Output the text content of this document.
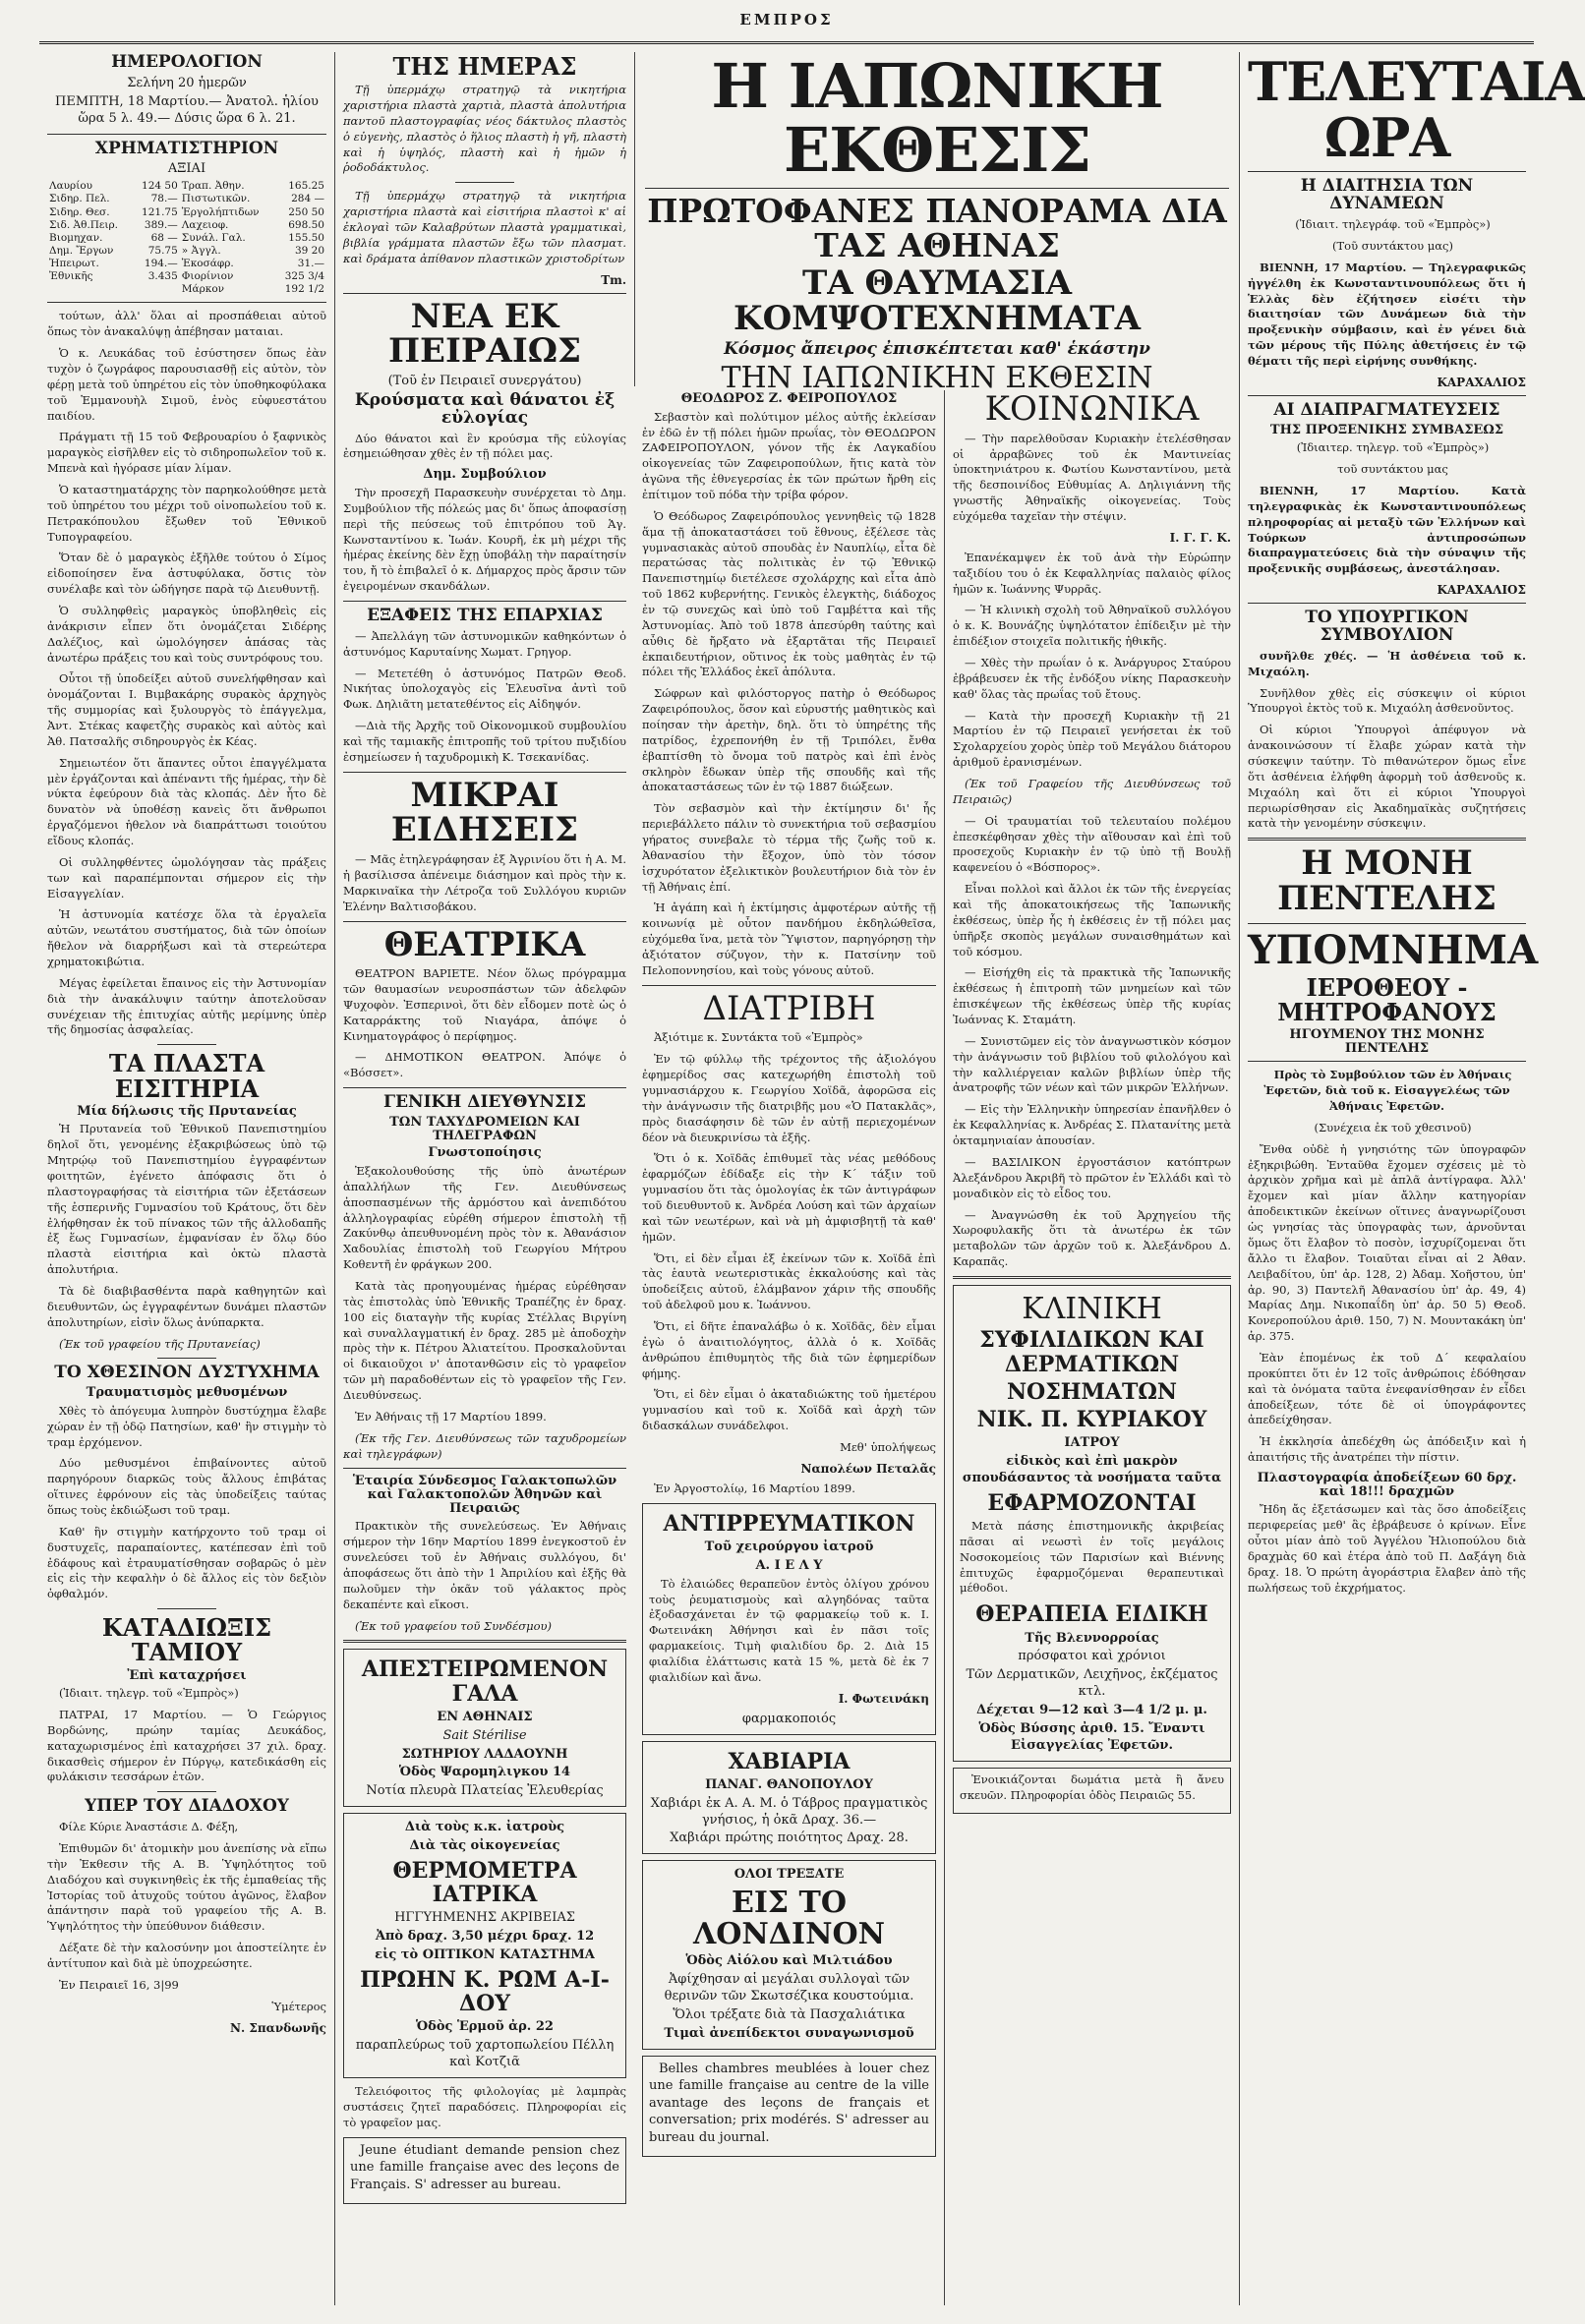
ΕΜΠΡΟΣ
ΗΜΕΡΟΛΟΓΙΟΝ
Σελήνη 20 ἡμερῶν
ΠΕΜΠΤΗ, 18 Μαρτίου.— Ἀνατολ. ἡλίου ὥρα 5 λ. 49.— Δύσις ὥρα 6 λ. 21.
ΧΡΗΜΑΤΙΣΤΗΡΙΟΝ
ΑΞΙΑΙ
Λαυρίου	124 50	Τραπ. Ἀθην.	165.25
Σιδηρ. Πελ.	78.—	Πιστωτικῶν.	284 —
Σιδηρ. Θεσ.	121.75	Ἐργολήπτιδων	250 50
Σιδ. Ἀθ.Πειρ.	389.—	Λαχειοφ.	698.50
Βιομηχαν.	68 —	Συνάλ. Γαλ.	155.50
Δημ. Ἔργων	75.75	» Ἀγγλ.	39 20
Ἠπειρωτ.	194.—	Ἐκοσάφρ.	31.—
Ἐθνικῆς	3.435	Φιορίνιον	325 3/4
		Μάρκον	192 1/2

τούτων, ἀλλ' ὅλαι αἱ προσπάθειαι αὐτοῦ ὅπως τὸν ἀνακαλύψῃ ἀπέβησαν ματαιαι.

Ὁ κ. Λευκάδας τοῦ ἐσύστησεν ὅπως ἐὰν τυχὸν ὁ ζωγράφος παρουσιασθῇ εἰς αὐτὸν, τὸν φέρῃ μετὰ τοῦ ὑπηρέτου εἰς τὸν ὑποθηκοφύλακα τοῦ Ἑμμανουὴλ Σιμοῦ, ἑνὸς εὐφυεστάτου παιδίου.

Πράγματι τῇ 15 τοῦ Φεβρουαρίου ὁ ξαφνικὸς μαραγκὸς εἰσῆλθεν εἰς τὸ σιδηροπωλεῖον τοῦ κ. Μπενὰ καὶ ἠγόρασε μίαν λίμαν.

Ὁ καταστηματάρχης τὸν παρηκολούθησε μετὰ τοῦ ὑπηρέτου του μέχρι τοῦ οἰνοπωλείου τοῦ κ. Πετρακόπουλου ἔξωθεν τοῦ Ἐθνικοῦ Τυπογραφείου.

Ὅταν δὲ ὁ μαραγκὸς ἐξῆλθε τούτου ὁ Σίμος εἰδοποίησεν ἕνα ἀστυφύλακα, ὅστις τὸν συνέλαβε καὶ τὸν ὡδήγησε παρὰ τῷ Διευθυντῇ.

Ὁ συλληφθεὶς μαραγκὸς ὑποβληθεὶς εἰς ἀνάκρισιν εἶπεν ὅτι ὀνομάζεται Σιδέρης Δαλέζιος, καὶ ὡμολόγησεν ἁπάσας τὰς ἀνωτέρω πράξεις του καὶ τοὺς συντρόφους του.

Οὗτοι τῇ ὑποδείξει αὐτοῦ συνελήφθησαν καὶ ὀνομάζονται Ι. Βιμβακάρης συρακὸς ἀρχηγὸς τῆς συμμορίας καὶ ξυλουργὸς τὸ ἐπάγγελμα, Ἀντ. Στέκας καφετζὴς συρακὸς καὶ αὐτὸς καὶ Ἀθ. Πατσαλῆς σιδηρουργὸς ἐκ Κέας.

Σημειωτέον ὅτι ἅπαντες οὗτοι ἐπαγγέλματα μὲν ἐργάζονται καὶ ἀπέναντι τῆς ἡμέρας, τὴν δὲ νύκτα ἐφεύρουν διὰ τὰς κλοπάς. Δὲν ἦτο δὲ δυνατὸν νὰ ὑποθέσῃ κανεὶς ὅτι ἄνθρωποι ἐργαζόμενοι ἡθελον νὰ διαπράττωσι τοιούτου εἴδους κλοπάς.

Οἱ συλληφθέντες ὡμολόγησαν τὰς πράξεις των καὶ παραπέμπονται σήμερον εἰς τὴν Εἰσαγγελίαν.

Ἡ ἀστυνομία κατέσχε ὅλα τὰ ἐργαλεῖα αὐτῶν, νεωτάτου συστήματος, διὰ τῶν ὁποίων ἤθελον νὰ διαρρήξωσι καὶ τὰ στερεώτερα χρηματοκιβώτια.

Μέγας ἐφείλεται ἔπαινος εἰς τὴν Ἀστυνομίαν διὰ τὴν ἀνακάλυψιν ταύτην ἀποτελοῦσαν συνέχειαν τῆς ἐπιτυχίας αὐτῆς μερίμνης ὑπὲρ τῆς δημοσίας ἀσφαλείας.

ΤΑ ΠΛΑΣΤΑ ΕΙΣΙΤΗΡΙΑ
Μία δήλωσις τῆς Πρυτανείας

Ἡ Πρυτανεία τοῦ Ἐθνικοῦ Πανεπιστημίου δηλοῖ ὅτι, γενομένης ἐξακριβώσεως ὑπὸ τῷ Μητρῴῳ τοῦ Πανεπιστημίου ἐγγραφέντων φοιτητῶν, ἐγένετο ἀπόφασις ὅτι ὁ πλαστογραφήσας τὰ εἰσιτήρια τῶν ἐξετάσεων τῆς ἐσπερινῆς Γυμνασίου τοῦ Κράτους, ὅτι δὲν ἐλήφθησαν ἐκ τοῦ πίνακος τῶν τῆς ἀλλοδαπῆς ἐξ ἕως Γυμνασίων, ἐμφανίσαν ἐν ὅλῳ δύο πλαστὰ εἰσιτήρια καὶ ὀκτὼ πλαστὰ ἀπολυτήρια.

Τὰ δὲ διαβιβασθέντα παρὰ καθηγητῶν καὶ διευθυντῶν, ὡς ἐγγραφέντων δυνάμει πλαστῶν ἀπολυτηρίων, εἰσὶν ὅλως ἀνύπαρκτα.

(Ἐκ τοῦ γραφείου τῆς Πρυτανείας)

ΤΟ ΧΘΕΣΙΝΟΝ ΔΥΣΤΥΧΗΜΑ
Τραυματισμὸς μεθυσμένων

Χθὲς τὸ ἀπόγευμα λυπηρὸν δυστύχημα ἔλαβε χώραν ἐν τῇ ὁδῷ Πατησίων, καθ' ἣν στιγμὴν τὸ τραμ ἐρχόμενον.

Δύο μεθυσμένοι ἐπιβαίνοντες αὐτοῦ παρηγόρουν διαρκῶς τοὺς ἄλλους ἐπιβάτας οἵτινες ἐφρόνουν εἰς τὰς ὑποδείξεις ταύτας ὅπως τοὺς ἐκδιώξωσι τοῦ τραμ.

Καθ' ἣν στιγμὴν κατήρχοντο τοῦ τραμ οἱ δυστυχεῖς, παραπαίοντες, κατέπεσαν ἐπὶ τοῦ ἐδάφους καὶ ἐτραυματίσθησαν σοβαρῶς ὁ μὲν εἰς εἰς τὴν κεφαλὴν ὁ δὲ ἄλλος εἰς τὸν δεξιὸν ὀφθαλμόν.

ΚΑΤΑΔΙΩΞΙΣ ΤΑΜΙΟΥ
Ἐπὶ καταχρήσει

(Ἰδιαιτ. τηλεγρ. τοῦ «Ἐμπρὸς»)

ΠΑΤΡΑΙ, 17 Μαρτίου. — Ὁ Γεώργιος Βορδώνης, πρώην ταμίας Δευκάδος, καταχωρισμένος ἐπὶ καταχρήσει 37 χιλ. δραχ. δικασθεὶς σήμερον ἐν Πύργῳ, κατεδικάσθη εἰς φυλάκισιν τεσσάρων ἐτῶν.

ΥΠΕΡ ΤΟΥ ΔΙΑΔΟΧΟΥ

Φίλε Κύριε Ἀναστάσιε Δ. Φέξη,

Ἐπιθυμῶν δι' ἀτομικὴν μου ἀνεπίσης νὰ εἴπω τὴν Ἐκθεσιν τῆς Α. Β. Ὑψηλότητος τοῦ Διαδόχου καὶ συγκινηθεὶς ἐκ τῆς ἐμπαθείας τῆς Ἰστορίας τοῦ ἀτυχοῦς τούτου ἀγῶνος, ἔλαβον ἀπάντησιν παρὰ τοῦ γραφείου τῆς Α. Β. Ὑψηλότητος τὴν ὑπεύθυνον διάθεσιν.

Δέξατε δὲ τὴν καλοσύνην μοι ἀποστείλητε ἐν ἀντίτυπον καὶ διὰ μὲ ὑποχρεώσητε.

Ἐν Πειραιεῖ 16, 3|99

Ὑμέτερος

Ν. Σπανδωνῆς
ΤΗΣ ΗΜΕΡΑΣ

Τῇ ὑπερμάχῳ στρατηγῷ τὰ νικητήρια χαριστήρια πλαστὰ χαρτιὰ, πλαστὰ ἀπολυτήρια παντοῦ πλαστογραφίας νέος δάκτυλος πλαστὸς ὁ εὐγενὴς, πλαστὸς ὁ ἥλιος πλαστὴ ἡ γῆ, πλαστὴ καὶ ἡ ὑψηλός, πλαστὴ καὶ ἡ ἡμῶν ἡ ῥοδοδάκτυλος.

Τῇ ὑπερμάχῳ στρατηγῷ τὰ νικητήρια χαριστήρια πλαστὰ καὶ εἰσιτήρια πλαστοὶ κ' αἱ ἐκλογαὶ τῶν Καλαβρύτων πλαστὰ γραμματικαὶ, βιβλία γράμματα πλαστῶν ἔξω τῶν πλασματ. καὶ δράματα ἀπίθανον πλαστικῶν χριστοδρίτων

Τm.
ΝΕΑ ΕΚ ΠΕΙΡΑΙΩΣ
(Τοῦ ἐν Πειραιεῖ συνεργάτου)
Κρούσματα καὶ θάνατοι ἐξ εὐλογίας

Δύο θάνατοι καὶ ἓν κρούσμα τῆς εὐλογίας ἐσημειώθησαν χθὲς ἐν τῇ πόλει μας.

Δημ. Συμβούλιον

Τὴν προσεχῆ Παρασκευὴν συνέρχεται τὸ Δημ. Συμβούλιον τῆς πόλεώς μας δι' ὅπως ἀποφασίσῃ περὶ τῆς πεύσεως τοῦ ἐπιτρόπου τοῦ Ἁγ. Κωνσταντίνου κ. Ἰωάν. Κουρῆ, ἐκ μὴ μέχρι τῆς ἡμέρας ἐκείνης δὲν ἔχῃ ὑποβάλῃ τὴν παραίτησίν του, ἤ τὸ ἐπιβαλεῖ ὁ κ. Δήμαρχος πρὸς ἄρσιν τῶν ἐγειρομένων σκανδάλων.

ΕΞΑΦΕΙΣ ΤΗΣ ΕΠΑΡΧΙΑΣ

— Ἀπελλάγη τῶν ἀστυνομικῶν καθηκόντων ὁ ἀστυνόμος Καρυταίνης Χωματ. Γρηγορ.

— Μετετέθη ὁ ἀστυνόμος Πατρῶν Θεοδ. Νικήτας ὑπολοχαγὸς εἰς Ἐλευσῖνα ἀντὶ τοῦ Φωκ. Δηλιᾶτη μετατεθέντος εἰς Αἰδηψόν.

—Διὰ τῆς Ἀρχῆς τοῦ Οἰκονομικοῦ συμβουλίου καὶ τῆς ταμιακῆς ἐπιτροπῆς τοῦ τρίτου πυξιδίου ἐσημείωσεν ἡ ταχυδρομικὴ Κ. Τσεκανίδας.

ΜΙΚΡΑΙ ΕΙΔΗΣΕΙΣ

— Μᾶς ἐτηλεγράφησαν ἐξ Ἀγρινίου ὅτι ἡ Α. Μ. ἡ βασίλισσα ἀπένειμε διάσημον καὶ πρὸς τὴν κ. Μαρκιναῖκα τὴν Λέτροζα τοῦ Συλλόγου κυριῶν Ἑλένην Βαλτισοβάκου.

ΘΕΑΤΡΙΚΑ

ΘΕΑΤΡΟΝ ΒΑΡΙΕΤΕ. Νέον ὅλως πρόγραμμα τῶν θαυμασίων νευροσπάστων τῶν ἀδελφῶν Ψυχοφὸν. Ἐσπερινοὶ, ὅτι δὲν εἶδομεν ποτὲ ὡς ὁ Καταρράκτης τοῦ Νιαγάρα, ἀπόψε ὁ Κινηματογράφος ὁ περίφημος.

— ΔΗΜΟΤΙΚΟΝ ΘΕΑΤΡΟΝ. Ἀπόψε ὁ «Βόσσετ».

ΓΕΝΙΚΗ ΔΙΕΥΘΥΝΣΙΣ
ΤΩΝ ΤΑΧΥΔΡΟΜΕΙΩΝ ΚΑΙ ΤΗΛΕΓΡΑΦΩΝ
Γνωστοποίησις

Ἐξακολουθούσης τῆς ὑπὸ ἀνωτέρων ἀπαλλήλων τῆς Γεν. Διευθύνσεως ἀποσπασμένων τῆς ἀρμόστου καὶ ἀνεπιδότου ἀλληλογραφίας εὑρέθη σήμερον ἐπιστολὴ τῇ Ζακύνθῳ ἀπευθυνομένη πρὸς τὸν κ. Ἀθανάσιον Χαδουλίας ἐπιστολὴ τοῦ Γεωργίου Μήτρου Κοθεντῆ ἐν φράγκων 200.

Κατὰ τὰς προηγουμένας ἡμέρας εὑρέθησαν τὰς ἐπιστολὰς ὑπὸ Ἐθνικῆς Τραπέζης ἐν δραχ. 100 εἰς διαταγὴν τῆς κυρίας Στέλλας Βιργίνη καὶ συναλλαγματική ἐν δραχ. 285 μὲ ἀποδοχὴν πρὸς τὴν κ. Πέτρου Ἀλιατείτου. Προσκαλοῦνται οἱ δικαιοῦχοι ν' ἀποτανθῶσιν εἰς τὸ γραφεῖον τῶν μὴ παραδοθέντων εἰς τὸ γραφεῖον τῆς Γεν. Διευθύνσεως.

Ἐν Ἀθήναις τῇ 17 Μαρτίου 1899.

(Ἐκ τῆς Γεν. Διευθύνσεως τῶν ταχυδρομείων καὶ τηλεγράφων)

Ἑταιρία Σύνδεσμος Γαλακτοπωλῶν καὶ Γαλακτοπολῶν Ἀθηνῶν καὶ Πειραιῶς

Πρακτικὸν τῆς συνελεύσεως. Ἐν Ἀθήναις σήμερον τὴν 16ην Μαρτίου 1899 ἐνεγκοστοῦ ἐν συνελεύσει τοῦ ἐν Ἀθήναις συλλόγου, δι' ἀποφάσεως ὅτι ἀπὸ τὴν 1 Ἀπριλίου καὶ ἑξῆς θὰ πωλοῦμεν τὴν ὀκᾶν τοῦ γάλακτος πρὸς δεκαπέντε καὶ εἴκοσι.

(Ἐκ τοῦ γραφείου τοῦ Συνδέσμου)

ΑΠΕΣΤΕΙΡΩΜΕΝΟΝ ΓΑΛΑ
ΕΝ ΑΘΗΝΑΙΣ
Sait Stérilise
ΣΩΤΗΡΙΟΥ ΛΑΔΑΟΥΝΗ
Ὁδὸς Ψαρομηλιγκου 14
Νοτία πλευρὰ Πλατείας Ἐλευθερίας
Διὰ τοὺς κ.κ. ἰατροὺς
Διὰ τὰς οἰκογενείας
ΘΕΡΜΟΜΕΤΡΑ ΙΑΤΡΙΚΑ
ΗΓΓΥΗΜΕΝΗΣ ΑΚΡΙΒΕΙΑΣ
Ἀπὸ δραχ. 3,50 μέχρι δραχ. 12
εἰς τὸ ΟΠΤΙΚΟΝ ΚΑΤΑΣΤΗΜΑ
ΠΡΩΗΝ Κ. ΡΩΜ Α-Ι-ΔΟΥ
Ὁδὸς Ἑρμοῦ ἀρ. 22
παραπλεύρως τοῦ χαρτοπωλείου Πέλλη καὶ Κοτζιᾶ

Τελειόφοιτος τῆς φιλολογίας μὲ λαμπρὰς συστάσεις ζητεῖ παραδόσεις. Πληροφορίαι εἰς τὸ γραφεῖον μας.

Jeune étudiant demande pension chez une famille française avec des leçons de Français. S' adresser au bureau.

Η ΙΑΠΩΝΙΚΗ ΕΚΘΕΣΙΣ
ΠΡΩΤΟΦΑΝΕΣ ΠΑΝΟΡΑΜΑ ΔΙΑ ΤΑΣ ΑΘΗΝΑΣ
ΤΑ ΘΑΥΜΑΣΙΑ ΚΟΜΨΟΤΕΧΝΗΜΑΤΑ
Κόσμος ἄπειρος ἐπισκέπτεται καθ' ἑκάστην
ΤΗΝ ΙΑΠΩΝΙΚΗΝ ΕΚΘΕΣΙΝ
ΘΕΟΔΩΡΟΣ Ζ. ΦΕΙΡΟΠΟΥΛΟΣ

Σεβαστὸν καὶ πολύτιμον μέλος αὐτῆς ἐκλείσαν ἐν ἐδῶ ἐν τῇ πόλει ἡμῶν πρωΐας, τὸν ΘΕΟΔΩΡΟΝ ΖΑΦΕΙΡΟΠΟΥΛΟΝ, γόνον τῆς ἐκ Λαγκαδίου οἰκογενείας τῶν Ζαφειροπούλων, ἥτις κατὰ τὸν ἀγῶνα τῆς ἐθνεγερσίας ἐκ τῶν πρώτων ἤρθη εἰς ἐπίτιμον τοῦ πόδα τὴν τρίβα φόρον.

Ὁ Θεόδωρος Ζαφειρόπουλος γεννηθεὶς τῷ 1828 ἅμα τῇ ἀποκαταστάσει τοῦ ἔθνους, ἐξέλεσε τὰς γυμνασιακὰς αὐτοῦ σπουδὰς ἐν Ναυπλίῳ, εἶτα δὲ περατώσας τὰς πολιτικὰς ἐν τῷ Ἐθνικῷ Πανεπιστημίῳ διετέλεσε σχολάρχης καὶ εἶτα ἀπὸ τοῦ 1862 κυβερνήτης. Γενικὸς ἐλεγκτὴς, διάδοχος ἐν τῷ συνεχῶς καὶ ὑπὸ τοῦ Γαμβέττα καὶ τῆς Ἀστυνομίας. Ἀπὸ τοῦ 1878 ἀπεσύρθη ταύτης καὶ αὖθις δὲ ἤρξατο νὰ ἐξαρτᾶται τῆς Πειραιεῖ ἐκπαιδευτήριον, οὕτινος ἐκ τοὺς μαθητὰς ἐν τῷ πόλει τῆς Ἑλλάδος ἐκεῖ ἀπόλυτα.

Σώφρων καὶ φιλόστοργος πατὴρ ὁ Θεόδωρος Ζαφειρόπουλος, ὅσον καὶ εὐρυστής μαθητικὸς καὶ ποίησαν τὴν ἀρετὴν, δηλ. ὅτι τὸ ὑπηρέτης τῆς πατρίδος, ἐχρεπονήθη ἐν τῇ Τριπόλει, ἔνθα ἐβαπτίσθη τὸ ὄνομα τοῦ πατρὸς καὶ ἐπὶ ἐνὸς σκληρὸν ἔδωκαν ὑπὲρ τῆς σπουδῆς καὶ τῆς ἀποκαταστάσεως τῶν ἐν τῷ 1887 διώξεων.

Τὸν σεβασμὸν καὶ τὴν ἐκτίμησιν δι' ἧς περιεβάλλετο πάλιν τὸ συνεκτήρια τοῦ σεβασμίου γήρατος συνεβαλε τὸ τέρμα τῆς ζωῆς τοῦ κ. Ἀθανασίου τὴν ἔξοχον, ὑπὸ τὸν τόσον ἰσχυρότατον ἐξελικτικὸν βουλευτήριον διὰ τὸν ἐν τῇ Ἀθήναις ἐπί.

Ἡ ἀγάπη καὶ ἡ ἐκτίμησις ἀμφοτέρων αὐτῆς τῇ κοινωνίᾳ μὲ οὗτον πανδήμου ἐκδηλώθεῖσα, εὐχόμεθα ἵνα, μετὰ τὸν Ὕψιστον, παρηγόρησῃ τὴν ἀξιότατον σύζυγον, τὴν κ. Πατσίνην τοῦ Πελοποννησίου, καὶ τοὺς γόνους αὐτοῦ.

ΔΙΑΤΡΙΒΗ

Ἀξιότιμε κ. Συντάκτα τοῦ «Ἐμπρὸς»

Ἐν τῷ φύλλῳ τῆς τρέχοντος τῆς ἀξιολόγου ἐφημερίδος σας κατεχωρήθη ἐπιστολὴ τοῦ γυμνασιάρχου κ. Γεωργίου Χοϊδᾶ, ἀφορῶσα εἰς τὴν ἀνάγνωσιν τῆς διατριβῆς μου «Ὁ Πατακλᾶς», πρὸς διασάφησιν δὲ τῶν ἐν αὐτῇ περιεχομένων δέον νὰ διευκρινίσω τὰ ἑξῆς.

Ὅτι ὁ κ. Χοϊδᾶς ἐπιθυμεῖ τὰς νέας μεθόδους ἐφαρμόζων ἐδίδαξε εἰς τὴν Κ΄ τάξιν τοῦ γυμνασίου ὅτι τὰς ὁμολογίας ἐκ τῶν ἀντιγράφων τοῦ διευθυντοῦ κ. Ἀνδρέα Λούση καὶ τῶν ἀρχαίων καὶ τῶν νεωτέρων, καὶ νὰ μὴ ἀμφισβητῇ τὰ καθ' ἡμῶν.

Ὅτι, εἰ δὲν εἶμαι ἐξ ἐκείνων τῶν κ. Χοϊδᾶ ἐπὶ τὰς ἑαυτὰ νεωτεριστικὰς ἐκκαλούσης καὶ τὰς ὑποδείξεις αὐτοῦ, ἐλάμβανον χάριν τῆς σπουδῆς τοῦ ἀδελφοῦ μου κ. Ἰωάννου.

Ὅτι, εἰ δῆτε ἐπαναλάβω ὁ κ. Χοϊδᾶς, δὲν εἶμαι ἐγὼ ὁ ἀναιτιολόγητος, ἀλλὰ ὁ κ. Χοϊδᾶς ἀνθρώπου ἐπιθυμητὸς τῆς διὰ τῶν ἐφημερίδων φήμης.

Ὅτι, εἰ δὲν εἶμαι ὁ ἀκαταδιώκτης τοῦ ἡμετέρου γυμνασίου καὶ τοῦ κ. Χοϊδᾶ καὶ ἀρχὴ τῶν διδασκάλων συνάδελφοι.

Μεθ' ὑπολήψεως

Ναπολέων Πεταλᾶς

Ἐν Ἀργοστολίῳ, 16 Μαρτίου 1899.

ΑΝΤΙΡΡΕΥΜΑΤΙΚΟΝ
Τοῦ χειρούργου ἰατροῦ
Α. Ι Ε Λ Υ

Τὸ ἐλαιώδες θεραπεῦον ἐντὸς ὀλίγου χρόνου τοὺς ῥευματισμοὺς καὶ αλγηδόνας ταῦτα ἐξοδασχάνεται ἐν τῷ φαρμακείῳ τοῦ κ. Ι. Φωτεινάκη Ἀθήνησι καὶ ἐν πᾶσι τοῖς φαρμακείοις. Τιμὴ φιαλιδίου δρ. 2. Διὰ 15 φιαλίδια ἐλάττωσις κατὰ 15 %, μετὰ δὲ ἐκ 7 φιαλιδίων καὶ ἄνω.

Ι. Φωτεινάκη
φαρμακοποιός
ΧΑΒΙΑΡΙΑ
ΠΑΝΑΓ. ΘΑΝΟΠΟΥΛΟΥ
Χαβιάρι ἐκ Α. Α. Μ. ὁ Τάβρος πραγματικὸς γνήσιος, ἡ ὀκᾶ Δραχ. 36.—
Χαβιάρι πρώτης ποιότητος Δραχ. 28.
ΟΛΟΙ ΤΡΕΞΑΤΕ
ΕΙΣ ΤΟ ΛΟΝΔΙΝΟΝ
Ὁδὸς Αἰόλου καὶ Μιλτιάδου
Ἀφίχθησαν αἱ μεγάλαι συλλογαὶ τῶν θερινῶν τῶν Σκωτσέζικα κουστούμια.
Ὅλοι τρέξατε διὰ τὰ Πασχαλιάτικα
Τιμαὶ ἀνεπίδεκτοι συναγωνισμοῦ

Belles chambres meublées à louer chez une famille française au centre de la ville avantage des leçons de français et conversation; prix modérés. S' adresser au bureau du journal.

ΚΟΙΝΩΝΙΚΑ

— Τὴν παρελθοῦσαν Κυριακὴν ἐτελέσθησαν οἱ ἀρραβῶνες τοῦ ἐκ Μαντινείας ὑποκτηνιάτρου κ. Φωτίου Κωνσταντίνου, μετὰ τῆς δεσποινίδος Εὐθυμίας Α. Δηλιγιάννη τῆς γνωστῆς Ἀθηναϊκῆς οἰκογενείας. Τοὺς εὐχόμεθα ταχεῖαν τὴν στέψιν.

Ι. Γ. Γ. Κ.

Ἐπανέκαμψεν ἐκ τοῦ ἀνὰ τὴν Εὐρώπην ταξιδίου του ὁ ἐκ Κεφαλληνίας παλαιὸς φίλος ἡμῶν κ. Ἰωάννης Ψυρρᾶς.

— Ἡ κλινικὴ σχολὴ τοῦ Ἀθηναϊκοῦ συλλόγου ὁ κ. Κ. Βουνάζης ὑψηλότατον ἐπίδειξιν μὲ τὴν ἐπιδέξιον στοιχεῖα πολιτικῆς ἠθικῆς.

— Χθὲς τὴν πρωΐαν ὁ κ. Ἀνάργυρος Σταύρου ἐβράβευσεν ἐκ τῆς ἐνδόξου νίκης Παρασκευὴν καθ' ὅλας τὰς πρωΐας τοῦ ἔτους.

— Κατὰ τὴν προσεχῆ Κυριακὴν τῇ 21 Μαρτίου ἐν τῷ Πειραιεῖ γενήσεται ἐκ τοῦ Σχολαρχείου χορὸς ὑπὲρ τοῦ Μεγάλου διάτορου ἀριθμοῦ ἐρανισμένων.

(Ἐκ τοῦ Γραφείου τῆς Διευθύνσεως τοῦ Πειραιῶς)

— Οἱ τραυματίαι τοῦ τελευταίου πολέμου ἐπεσκέφθησαν χθὲς τὴν αἴθουσαν καὶ ἐπὶ τοῦ προσεχοῦς Κυριακὴν ἐν τῷ ὑπὸ τῇ Βουλῇ καφενείου ὁ «Βόσπορος».

Εἶναι πολλοὶ καὶ ἄλλοι ἐκ τῶν τῆς ἐνεργείας καὶ τῆς ἀποκατοικήσεως τῆς Ἰαπωνικῆς ἐκθέσεως, ὑπὲρ ἧς ἡ ἐκθέσεις ἐν τῇ πόλει μας ὑπῆρξε σκοπὸς μεγάλων συναισθημάτων καὶ τοῦ κόσμου.

— Εἰσήχθη εἰς τὰ πρακτικὰ τῆς Ἰαπωνικῆς ἐκθέσεως ἡ ἐπιτροπὴ τῶν μνημείων καὶ τῶν ἐπισκέψεων τῆς ἐκθέσεως ὑπὲρ τῆς κυρίας Ἰωάννας Κ. Σταμάτη.

— Συνιστῶμεν εἰς τὸν ἀναγνωστικὸν κόσμον τὴν ἀνάγνωσιν τοῦ βιβλίου τοῦ φιλολόγου καὶ τὴν καλλιέργειαν καλῶν βιβλίων ὑπὲρ τῆς ἀνατροφῆς τῶν νέων καὶ τῶν μικρῶν Ἑλλήνων.

— Εἰς τὴν Ἑλληνικὴν ὑπηρεσίαν ἐπανῆλθεν ὁ ἐκ Κεφαλληνίας κ. Ἀνδρέας Σ. Πλατανίτης μετὰ ὀκταμηνιαίαν ἀπουσίαν.

— ΒΑΣΙΛΙΚΟΝ ἐργοστάσιον κατόπτρων Ἀλεξάνδρου Ἀκριβῆ τὸ πρῶτον ἐν Ἑλλάδι καὶ τὸ μοναδικὸν εἰς τὸ εἶδος του.

— Ἀναγνώσθη ἐκ τοῦ Ἀρχηγείου τῆς Χωροφυλακῆς ὅτι τὰ ἀνωτέρω ἐκ τῶν μεταβολῶν τῶν ἀρχῶν τοῦ κ. Ἀλεξάνδρου Δ. Καραπᾶς.

ΚΛΙΝΙΚΗ
ΣΥΦΙΛΙΔΙΚΩΝ ΚΑΙ ΔΕΡΜΑΤΙΚΩΝ
ΝΟΣΗΜΑΤΩΝ
ΝΙΚ. Π. ΚΥΡΙΑΚΟΥ
ΙΑΤΡΟΥ
εἰδικὸς καὶ ἐπὶ μακρὸν σπουδάσαντος τὰ νοσήματα ταῦτα
ΕΦΑΡΜΟΖΟΝΤΑΙ

Μετὰ πάσης ἐπιστημονικῆς ἀκριβείας πᾶσαι αἱ νεωστὶ ἐν τοῖς μεγάλοις Νοσοκομείοις τῶν Παρισίων καὶ Βιέννης ἐπιτυχῶς ἐφαρμοζόμεναι θεραπευτικαὶ μέθοδοι.

ΘΕΡΑΠΕΙΑ ΕΙΔΙΚΗ
Τῆς Βλεννορροίας
πρόσφατοι καὶ χρόνιοι
Τῶν Δερματικῶν, Λειχῆνος, ἐκζέματος κτλ.
Δέχεται 9—12 καὶ 3—4 1/2 μ. μ.
Ὁδὸς Βύσσης ἀριθ. 15. Ἔναντι Εἰσαγγελίας Ἐφετῶν.

Ἐνοικιάζονται δωμάτια μετὰ ἢ ἄνευ σκευῶν. Πληροφορίαι ὁδὸς Πειραιῶς 55.

ΤΕΛΕΥΤΑΙΑ ΩΡΑ
Η ΔΙΑΙΤΗΣΙΑ ΤΩΝ ΔΥΝΑΜΕΩΝ

(Ἰδιαιτ. τηλεγράφ. τοῦ «Ἐμπρὸς»)

(Τοῦ συντάκτου μας)

ΒΙΕΝΝΗ, 17 Μαρτίου. — Τηλεγραφικῶς ἠγγέλθη ἐκ Κωνσταντινουπόλεως ὅτι ἡ Ἑλλὰς δὲν ἐζήτησεν εἰσέτι τὴν διαιτησίαν τῶν Δυνάμεων διὰ τὴν προξενικὴν σύμβασιν, καὶ ἐν γένει διὰ τῶν μέρους τῆς Πύλης ἀθετήσεις ἐν τῷ θέματι τῆς περὶ εἰρήνης συνθήκης.

ΚΑΡΑΧΑΛΙΟΣ
ΑΙ ΔΙΑΠΡΑΓΜΑΤΕΥΣΕΙΣ
ΤΗΣ ΠΡΟΞΕΝΙΚΗΣ ΣΥΜΒΑΣΕΩΣ

(Ἰδιαιτερ. τηλεγρ. τοῦ «Ἐμπρὸς»)

τοῦ συντάκτου μας

ΒΙΕΝΝΗ, 17 Μαρτίου. Κατὰ τηλεγραφικὰς ἐκ Κωνσταντινουπόλεως πληροφορίας αἱ μεταξὺ τῶν Ἑλλήνων καὶ Τούρκων ἀντιπροσώπων διαπραγματεύσεις διὰ τὴν σύναψιν τῆς προξενικῆς συμβάσεως, ἀνεστάλησαν.

ΚΑΡΑΧΑΛΙΟΣ
ΤΟ ΥΠΟΥΡΓΙΚΟΝ ΣΥΜΒΟΥΛΙΟΝ

συνῆλθε χθές. — Ἡ ἀσθένεια τοῦ κ. Μιχαόλη.

Συνῆλθον χθὲς εἰς σύσκεψιν οἱ κύριοι Ὑπουργοὶ ἐκτὸς τοῦ κ. Μιχαόλη ἀσθενοῦντος.

Οἱ κύριοι Ὑπουργοὶ ἀπέφυγον νὰ ἀνακοινώσουν τί ἔλαβε χώραν κατὰ τὴν σύσκεψιν ταύτην. Τὸ πιθανώτερον ὅμως εἶνε ὅτι ἀσθένεια ἐλήφθη ἀφορμὴ τοῦ ἀσθενοῦς κ. Μιχαόλη καὶ ὅτι εἰ κύριοι Ὑπουργοὶ περιωρίσθησαν εἰς Ἀκαδημαϊκὰς συζητήσεις κατὰ τὴν γενομένην σύσκεψιν.

Η ΜΟΝΗ ΠΕΝΤΕΛΗΣ
ΥΠΟΜΝΗΜΑ
ΙΕΡΟΘΕΟΥ - ΜΗΤΡΟΦΑΝΟΥΣ
ΗΓΟΥΜΕΝΟΥ ΤΗΣ ΜΟΝΗΣ ΠΕΝΤΕΛΗΣ

Πρὸς τὸ Συμβούλιον τῶν ἐν Ἀθήναις Ἐφετῶν, διὰ τοῦ κ. Εἰσαγγελέως τῶν Ἀθήναις Ἐφετῶν.

(Συνέχεια ἐκ τοῦ χθεσινοῦ)

Ἔνθα οὐδὲ ἡ γνησιότης τῶν ὑπογραφῶν ἐξηκριβώθη. Ἐνταῦθα ἔχομεν σχέσεις μὲ τὸ ἀρχικὸν χρῆμα καὶ μὲ ἀπλᾶ ἀντίγραφα. Ἀλλ' ἔχομεν καὶ μίαν ἄλλην κατηγορίαν ἀποδεικτικῶν ἐκείνων οἵτινες ἀναγνωρίζουσι ὡς γνησίας τὰς ὑπογραφὰς των, ἀρνοῦνται ὅμως ὅτι ἔλαβον τὸ ποσὸν, ἰσχυρίζομεναι ὅτι ἄλλο τι ἔλαβον. Τοιαῦται εἶναι αἱ 2 Ἀθαν. Λειβαδίτου, ὑπ' ἀρ. 128, 2) Ἀδαμ. Χοῆστου, ὑπ' ἀρ. 90, 3) Παντελῆ Ἀθανασίου ὑπ' ἀρ. 49, 4) Μαρίας Δημ. Νικοπαΐδη ὑπ' ἀρ. 50 5) Θεοδ. Κονεροπούλου ἀριθ. 150, 7) Ν. Μουντακάκη ὑπ' ἀρ. 375.

Ἐὰν ἑπομένως ἐκ τοῦ Δ΄ κεφαλαίου προκύπτει ὅτι ἐν 12 τοῖς ἀνθρώποις ἐδόθησαν καὶ τὰ ὀνόματα ταῦτα ἐνεφανίσθησαν ἐν εἶδει ἀποδείξεων, τότε δὲ οἱ ὑπογράφοντες ἀπεδείχθησαν.

Ἡ ἐκκλησία ἀπεδέχθη ὡς ἀπόδειξιν καὶ ἡ ἀπαιτήσις τῆς ἀνατρέπει τὴν πίστιν.

Πλαστογραφία ἀποδείξεων 60 δρχ. καὶ 18!!! δραχμῶν

Ἤδη ἄς ἐξετάσωμεν καὶ τὰς ὅσο ἀποδείξεις περιφερείας μεθ' ἃς ἐβράβευσε ὁ κρίνων. Εἶνε οὗτοι μίαν ἀπὸ τοῦ Ἀγγέλου Ἠλιοπούλου διὰ δραχμὰς 60 καὶ ἑτέρα ἀπὸ τοῦ Π. Δαξάγη διὰ δραχ. 18. Ὁ πρώτη ἀγοράστρια ἔλαβεν ἀπὸ τῆς πωλήσεως τοῦ ἐκχρήματος.
